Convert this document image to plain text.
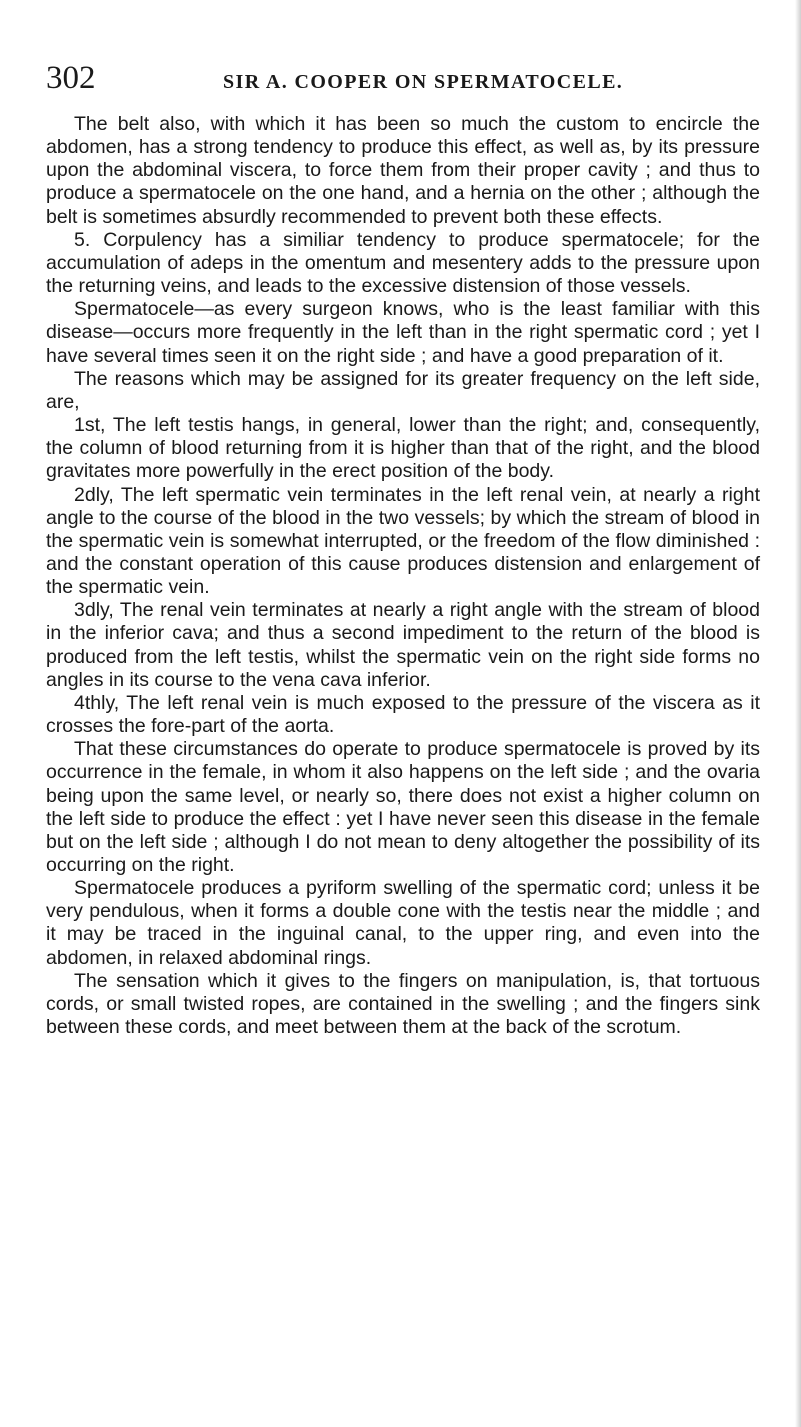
302	SIR A. COOPER ON SPERMATOCELE.

The belt also, with which it has been so much the custom to encircle the abdomen, has a strong tendency to produce this effect, as well as, by its pressure upon the abdominal viscera, to force them from their proper cavity ; and thus to produce a spermatocele on the one hand, and a hernia on the other ; although the belt is sometimes absurdly recommended to prevent both these effects.

5. Corpulency has a similiar tendency to produce spermatocele; for the accumulation of adeps in the omentum and mesentery adds to the pressure upon the returning veins, and leads to the excessive distension of those vessels.

Spermatocele—as every surgeon knows, who is the least familiar with this disease—occurs more frequently in the left than in the right spermatic cord ; yet I have several times seen it on the right side ; and have a good preparation of it.

The reasons which may be assigned for its greater frequency on the left side, are,

1st, The left testis hangs, in general, lower than the right; and, consequently, the column of blood returning from it is higher than that of the right, and the blood gravitates more powerfully in the erect position of the body.

2dly, The left spermatic vein terminates in the left renal vein, at nearly a right angle to the course of the blood in the two vessels; by which the stream of blood in the spermatic vein is somewhat interrupted, or the freedom of the flow diminished : and the constant operation of this cause produces distension and enlargement of the spermatic vein.

3dly, The renal vein terminates at nearly a right angle with the stream of blood in the inferior cava; and thus a second impediment to the return of the blood is produced from the left testis, whilst the spermatic vein on the right side forms no angles in its course to the vena cava inferior.

4thly, The left renal vein is much exposed to the pressure of the viscera as it crosses the fore-part of the aorta.

That these circumstances do operate to produce spermatocele is proved by its occurrence in the female, in whom it also happens on the left side ; and the ovaria being upon the same level, or nearly so, there does not exist a higher column on the left side to produce the effect : yet I have never seen this disease in the female but on the left side ; although I do not mean to deny altogether the possibility of its occurring on the right.

Spermatocele produces a pyriform swelling of the spermatic cord; unless it be very pendulous, when it forms a double cone with the testis near the middle ; and it may be traced in the inguinal canal, to the upper ring, and even into the abdomen, in relaxed abdominal rings.

The sensation which it gives to the fingers on manipulation, is, that tortuous cords, or small twisted ropes, are contained in the swelling ; and the fingers sink between these cords, and meet between them at the back of the scrotum.
